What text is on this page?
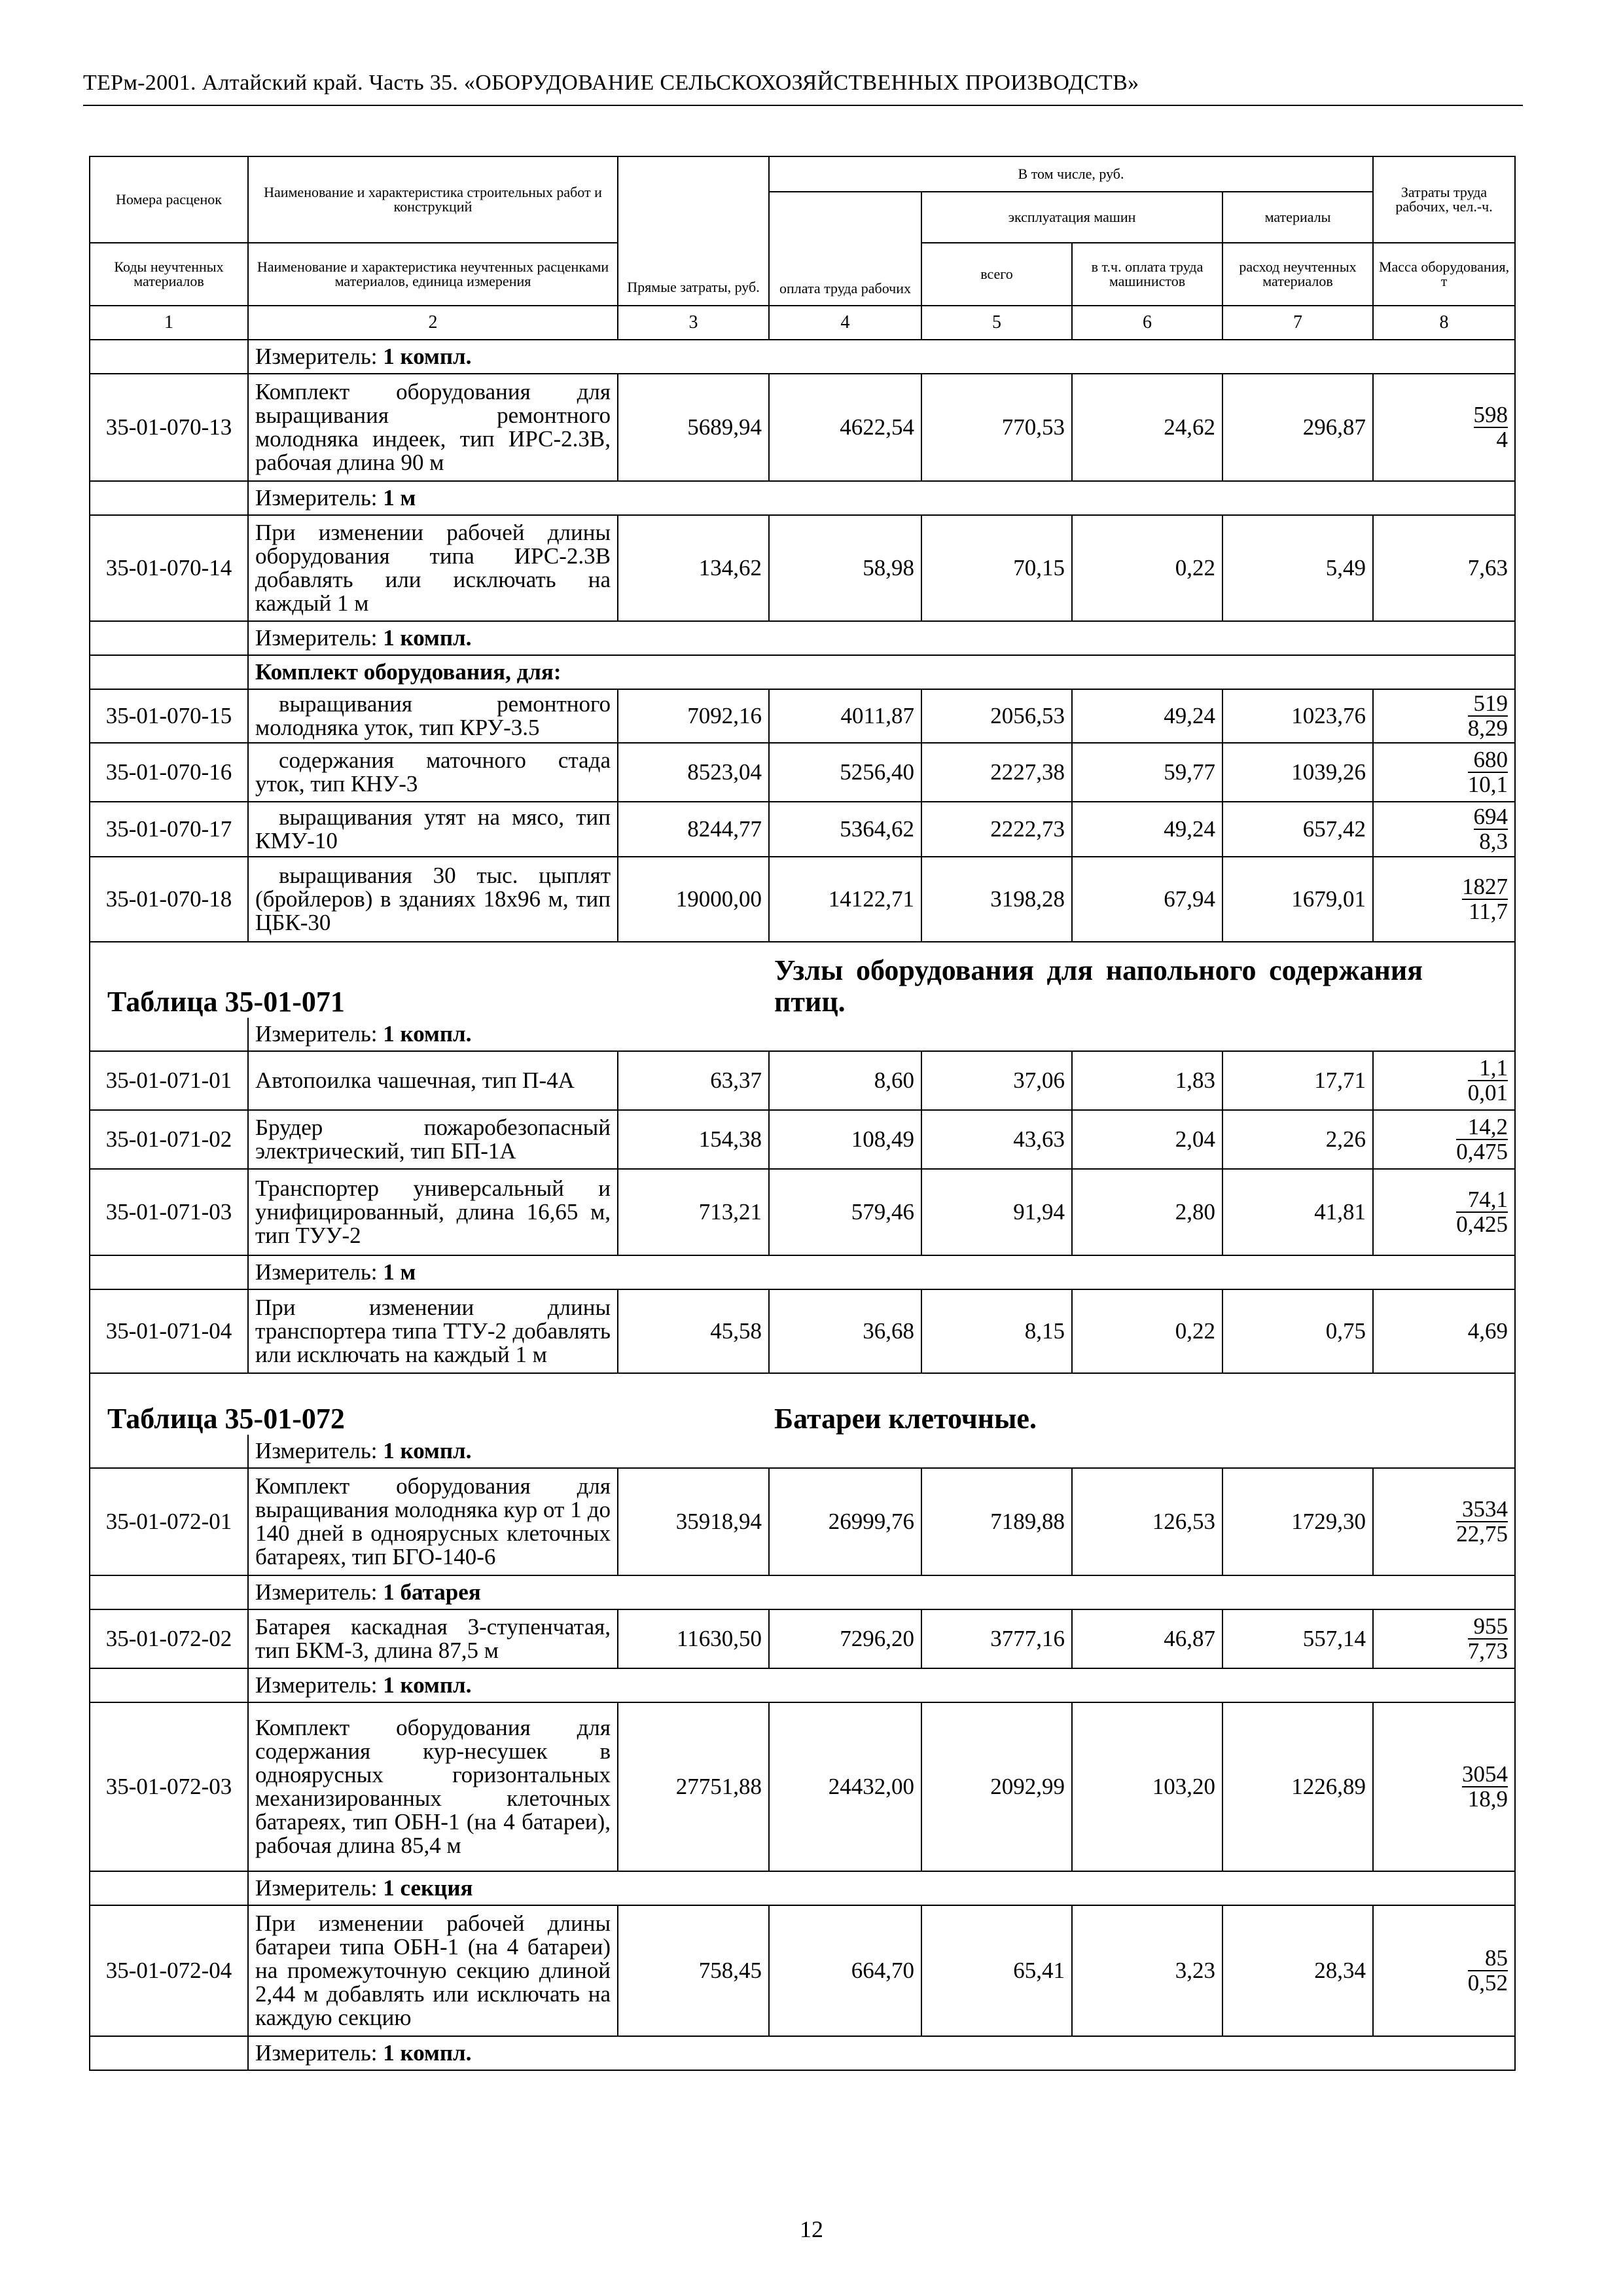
ТЕРм-2001. Алтайский край. Часть 35. «ОБОРУДОВАНИЕ СЕЛЬСКОХОЗЯЙСТВЕННЫХ ПРОИЗВОДСТВ»
Номера расценок	Наименование и характеристика строительных работ и конструкций	Прямые затраты, руб.	В том числе, руб.				Затраты труда рабочих, чел.-ч.
			оплата труда рабочих	эксплуатация машин		материалы	
Коды неучтенных материалов	Наименование и характеристика неучтенных расценками материалов, единица измерения			всего	в т.ч. оплата труда машинистов	расход неучтенных материалов	Масса оборудования, т
1	2	3	4	5	6	7	8
	Измеритель: 1 компл.						
35-01-070-13	Комплект оборудования для выращивания ремонтного молодняка индеек, тип ИРС-2.3В, рабочая длина 90 м	5689,94	4622,54	770,53	24,62	296,87	$\frac{598}{4}$

	Измеритель: 1 м						
35-01-070-14	При изменении рабочей длины оборудования типа ИРС-2.3В добавлять или исключать на каждый 1 м	134,62	58,98	70,15	0,22	5,49	7,63
	Измеритель: 1 компл.						
	Комплект оборудования, для:						
35-01-070-15	выращивания ремонтного молодняка уток, тип КРУ-3.5	7092,16	4011,87	2056,53	49,24	1023,76	$\frac{519}{8,29}$

35-01-070-16	содержания маточного стада уток, тип КНУ-3	8523,04	5256,40	2227,38	59,77	1039,26	$\frac{680}{10,1}$

35-01-070-17	выращивания утят на мясо, тип КМУ-10	8244,77	5364,62	2222,73	49,24	657,42	$\frac{694}{8,3}$

35-01-070-18	выращивания 30 тыс. цыплят (бройлеров) в зданиях 18х96 м, тип ЦБК-30	19000,00	14122,71	3198,28	67,94	1679,01	$\frac{1827}{11,7}$

Таблица 35-01-071			Узлы оборудования для напольного содержания птиц.				

	Измеритель: 1 компл.						
35-01-071-01	Автопоилка чашечная, тип П-4А	63,37	8,60	37,06	1,83	17,71	$\frac{1,1}{0,01}$

35-01-071-02	Брудер пожаробезопасный электрический, тип БП-1А	154,38	108,49	43,63	2,04	2,26	$\frac{14,2}{0,475}$

35-01-071-03	Транспортер универсальный и унифицированный, длина 16,65 м, тип ТУУ-2	713,21	579,46	91,94	2,80	41,81	$\frac{74,1}{0,425}$

	Измеритель: 1 м						
35-01-071-04	При изменении длины транспортера типа ТТУ-2 добавлять или исключать на каждый 1 м	45,58	36,68	8,15	0,22	0,75	4,69
Таблица 35-01-072			Батареи клеточные.				

	Измеритель: 1 компл.						
35-01-072-01	Комплект оборудования для выращивания молодняка кур от 1 до 140 дней в одноярусных клеточных батареях, тип БГО-140-6	35918,94	26999,76	7189,88	126,53	1729,30	$\frac{3534}{22,75}$

	Измеритель: 1 батарея						
35-01-072-02	Батарея каскадная 3-ступенчатая, тип БКМ-3, длина 87,5 м	11630,50	7296,20	3777,16	46,87	557,14	$\frac{955}{7,73}$

	Измеритель: 1 компл.						
35-01-072-03	Комплект оборудования для содержания кур-несушек в одноярусных горизонтальных механизированных клеточных батареях, тип ОБН-1 (на 4 батареи), рабочая длина 85,4 м	27751,88	24432,00	2092,99	103,20	1226,89	$\frac{3054}{18,9}$

	Измеритель: 1 секция						
35-01-072-04	При изменении рабочей длины батареи типа ОБН-1 (на 4 батареи) на промежуточную секцию длиной 2,44 м добавлять или исключать на каждую секцию	758,45	664,70	65,41	3,23	28,34	$\frac{85}{0,52}$

	Измеритель: 1 компл.						
12
